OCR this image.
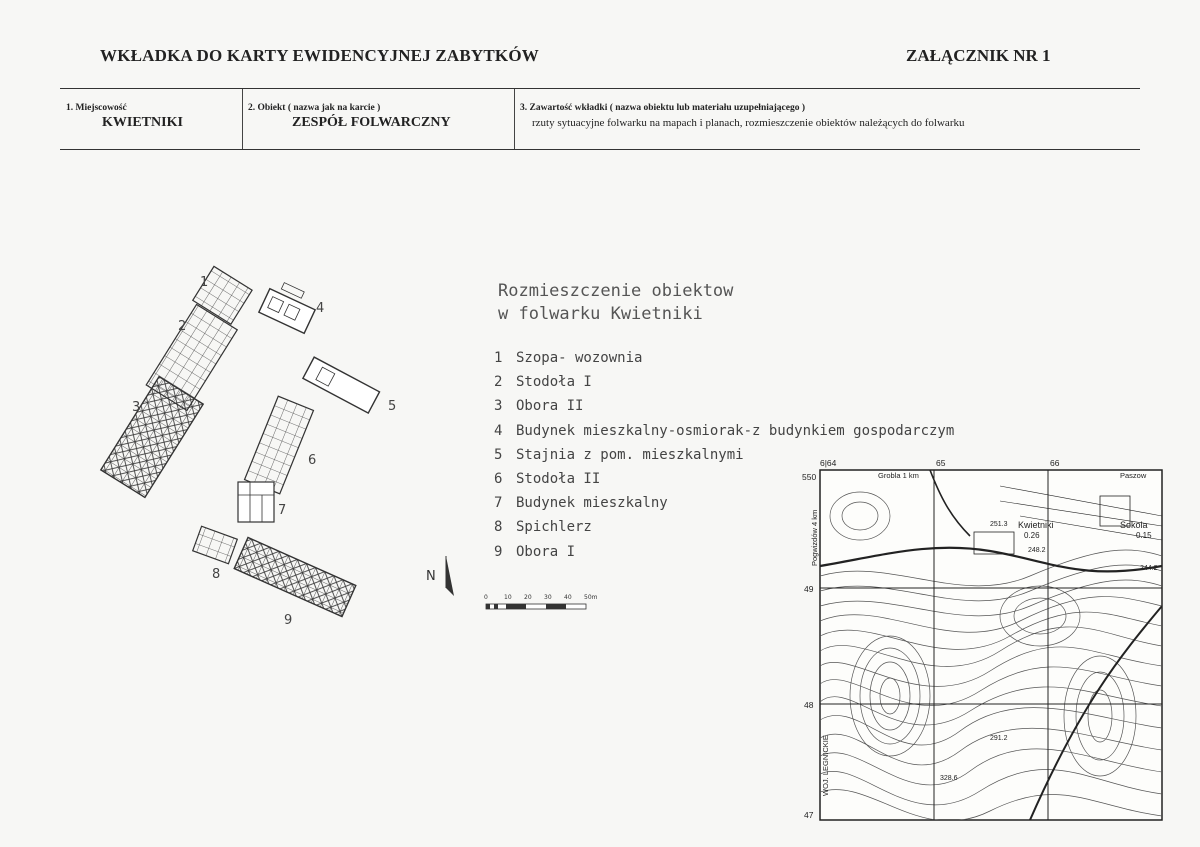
WKŁADKA DO KARTY EWIDENCYJNEJ ZABYTKÓW	ZAŁĄCZNIK NR 1
1. Miejscowość
KWIETNIKI
2. Obiekt ( nazwa jak na karcie )
ZESPÓŁ FOLWARCZNY
3. Zawartość wkładki ( nazwa obiektu lub materiału uzupełniającego )
rzuty sytuacyjne folwarku na mapach i planach, rozmieszczenie obiektów należących do folwarku
1
2
3
4
5
6
7
8
9
Rozmieszczenie obiektow
w folwarku Kwietniki
1 Szopa- wozownia
2 Stodoła I
3 Obora II
4 Budynek mieszkalny-osmiorak-z budynkiem gospodarczym
5 Stajnia z pom. mieszkalnymi
6 Stodoła II
7 Budynek mieszkalny
8 Spichlerz
9 Obora I
N
0	10 20 30 40 50m
6|64	65	66
550
49
48
47
Grobla 1 km	Paszow
Kwietniki
0.26
Sokola
0.15
251.3
248.2
244.2
291.2
328.6
Pogwizdów 4 km
WOJ. LEGNICKIE
